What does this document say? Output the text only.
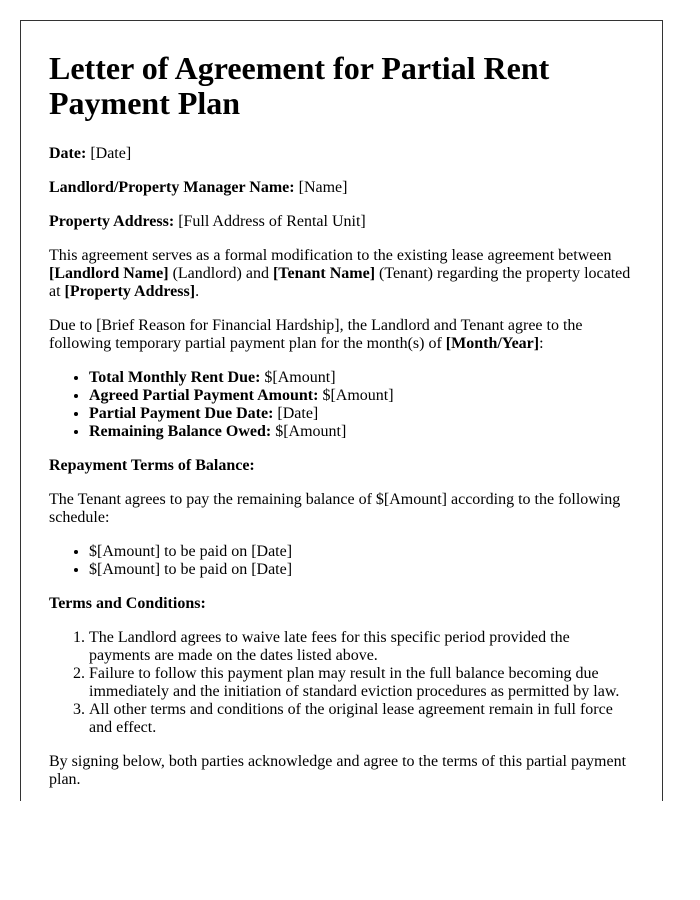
Letter of Agreement for Partial Rent Payment Plan

Date: [Date]

Landlord/Property Manager Name: [Name]

Property Address: [Full Address of Rental Unit]

This agreement serves as a formal modification to the existing lease agreement between [Landlord Name] (Landlord) and [Tenant Name] (Tenant) regarding the property located at [Property Address].

Due to [Brief Reason for Financial Hardship], the Landlord and Tenant agree to the following temporary partial payment plan for the month(s) of [Month/Year]:

• Total Monthly Rent Due: $[Amount]
• Agreed Partial Payment Amount: $[Amount]
• Partial Payment Due Date: [Date]
• Remaining Balance Owed: $[Amount]

Repayment Terms of Balance:

The Tenant agrees to pay the remaining balance of $[Amount] according to the following schedule:

• $[Amount] to be paid on [Date]
• $[Amount] to be paid on [Date]

Terms and Conditions:

1. The Landlord agrees to waive late fees for this specific period provided the payments are made on the dates listed above.
2. Failure to follow this payment plan may result in the full balance becoming due immediately and the initiation of standard eviction procedures as permitted by law.
3. All other terms and conditions of the original lease agreement remain in full force and effect.

By signing below, both parties acknowledge and agree to the terms of this partial payment plan.
